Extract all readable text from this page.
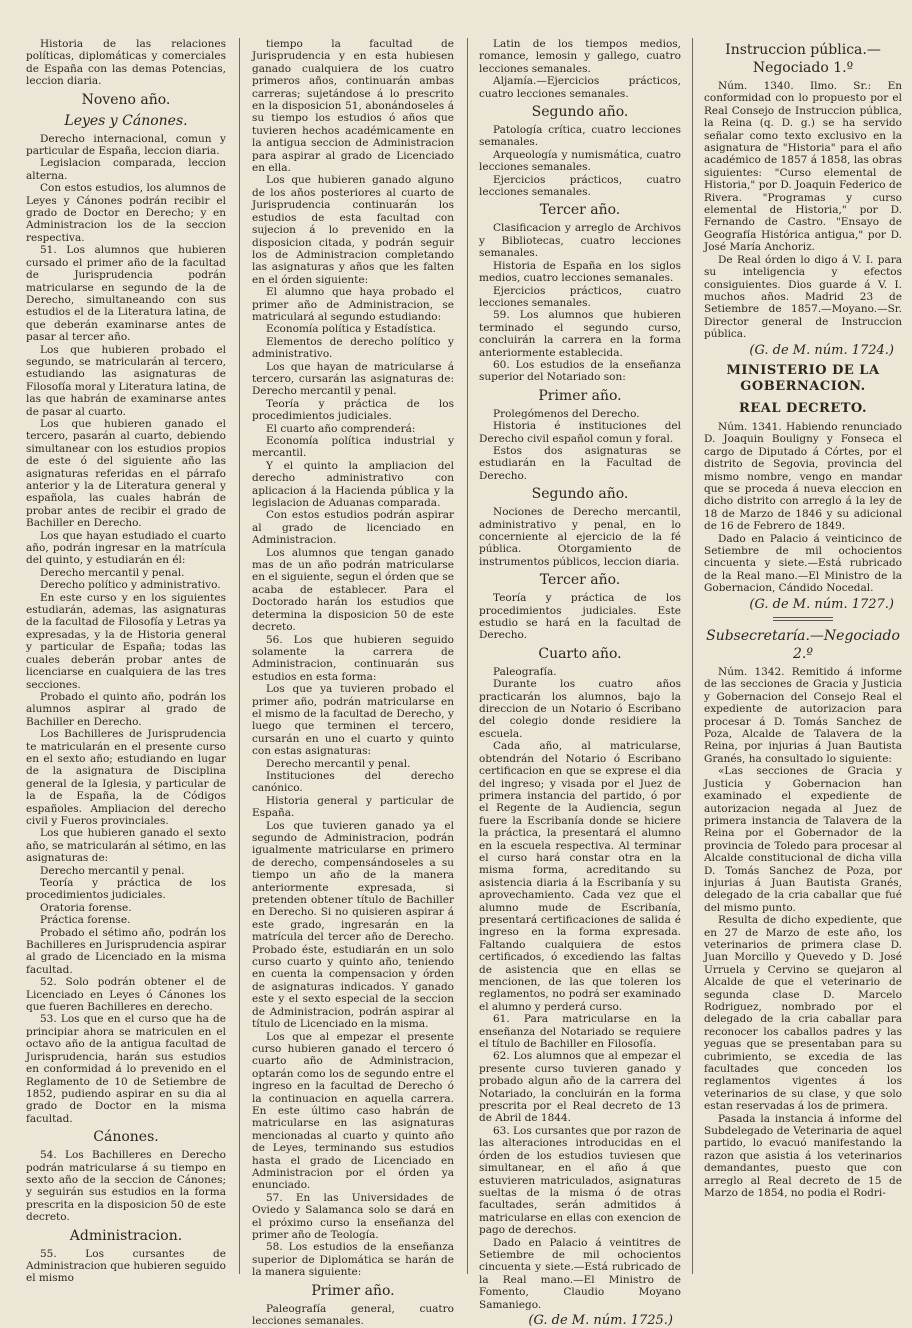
Historia de las relaciones políticas, diplomáticas y comerciales de España con las demas Potencias, leccion diaria.

Noveno año.
Leyes y Cánones.

Derecho internacional, comun y particular de España, leccion diaria.

Legislacion comparada, leccion alterna.

Con estos estudios, los alumnos de Leyes y Cánones podrán recibir el grado de Doctor en Derecho; y en Administracion los de la seccion respectiva.

51. Los alumnos que hubieren cursado el primer año de la facultad de Jurisprudencia podrán matricularse en segundo de la de Derecho, simultaneando con sus estudios el de la Literatura latina, de que deberán examinarse antes de pasar al tercer año.

Los que hubieren probado el segundo, se matricularán al tercero, estudiando las asignaturas de Filosofía moral y Literatura latina, de las que habrán de examinarse antes de pasar al cuarto.

Los que hubieren ganado el tercero, pasarán al cuarto, debiendo simultanear con los estudios propios de este ó del siguiente año las asignaturas referidas en el párrafo anterior y la de Literatura general y española, las cuales habrán de probar antes de recibir el grado de Bachiller en Derecho.

Los que hayan estudiado el cuarto año, podrán ingresar en la matrícula del quinto, y estudiarán en él:

Derecho mercantil y penal.

Derecho político y administrativo.

En este curso y en los siguientes estudiarán, ademas, las asignaturas de la facultad de Filosofía y Letras ya expresadas, y la de Historia general y particular de España; todas las cuales deberán probar antes de licenciarse en cualquiera de las tres secciones.

Probado el quinto año, podrán los alumnos aspirar al grado de Bachiller en Derecho.

Los Bachilleres de Jurisprudencia te matricularán en el presente curso en el sexto año; estudiando en lugar de la asignatura de Disciplina general de la Iglesia, y particular de la de España, la de Códigos españoles. Ampliacion del derecho civil y Fueros provinciales.

Los que hubieren ganado el sexto año, se matricularán al sétimo, en las asignaturas de:

Derecho mercantil y penal.

Teoría y práctica de los procedimientos judiciales.

Oratoria forense.

Práctica forense.

Probado el sétimo año, podrán los Bachilleres en Jurisprudencia aspirar al grado de Licenciado en la misma facultad.

52. Solo podrán obtener el de Licenciado en Leyes ó Cánones los que fueren Bachilleres en derecho.

53. Los que en el curso que ha de principiar ahora se matriculen en el octavo año de la antigua facultad de Jurisprudencia, harán sus estudios en conformidad á lo prevenido en el Reglamento de 10 de Setiembre de 1852, pudiendo aspirar en su dia al grado de Doctor en la misma facultad.

Cánones.

54. Los Bachilleres en Derecho podrán matricularse á su tiempo en sexto año de la seccion de Cánones; y seguirán sus estudios en la forma prescrita en la disposicion 50 de este decreto.

Administracion.

55. Los cursantes de Administracion que hubieren seguido el mismo

tiempo la facultad de Jurisprudencia y en esta hubiesen ganado cualquiera de los cuatro primeros años, continuarán ambas carreras; sujetándose á lo prescrito en la disposicion 51, abonándoseles á su tiempo los estudios ó años que tuvieren hechos académicamente en la antigua seccion de Administracion para aspirar al grado de Licenciado en ella.

Los que hubieren ganado alguno de los años posteriores al cuarto de Jurisprudencia continuarán los estudios de esta facultad con sujecion á lo prevenido en la disposicion citada, y podrán seguir los de Administracion completando las asignaturas y años que les falten en el órden siguiente:

El alumno que haya probado el primer año de Administracion, se matriculará al segundo estudiando:

Economía política y Estadística.

Elementos de derecho político y administrativo.

Los que hayan de matricularse á tercero, cursarán las asignaturas de: Derecho mercantil y penal.

Teoría y práctica de los procedimientos judiciales.

El cuarto año comprenderá:

Economía política industrial y mercantil.

Y el quinto la ampliacion del derecho administrativo con aplicacion á la Hacienda pública y la legislacion de Aduanas comparada.

Con estos estudios podrán aspirar al grado de licenciado en Administracion.

Los alumnos que tengan ganado mas de un año podrán matricularse en el siguiente, segun el órden que se acaba de establecer. Para el Doctorado harán los estudios que determina la disposicion 50 de este decreto.

56. Los que hubieren seguido solamente la carrera de Administracion, continuarán sus estudios en esta forma:

Los que ya tuvieren probado el primer año, podrán matricularse en el mismo de la facultad de Derecho, y luego que terminen el tercero, cursarán en uno el cuarto y quinto con estas asignaturas:

Derecho mercantil y penal.

Instituciones del derecho canónico.

Historia general y particular de España.

Los que tuvieren ganado ya el segundo de Administracion, podrán igualmente matricularse en primero de derecho, compensándoseles a su tiempo un año de la manera anteriormente expresada, si pretenden obtener título de Bachiller en Derecho. Si no quisieren aspirar á este grado, ingresarán en la matrícula del tercer año de Derecho. Probado éste, estudiarán en un solo curso cuarto y quinto año, teniendo en cuenta la compensacion y órden de asignaturas indicados. Y ganado este y el sexto especial de la seccion de Administracion, podrán aspirar al título de Licenciado en la misma.

Los que al empezar el presente curso hubieren ganado el tercero ó cuarto año de Administracion, optarán como los de segundo entre el ingreso en la facultad de Derecho ó la continuacion en aquella carrera. En este último caso habrán de matricularse en las asignaturas mencionadas al cuarto y quinto año de Leyes, terminando sus estudios hasta el grado de Licenciado en Administracion por el órden ya enunciado.

57. En las Universidades de Oviedo y Salamanca solo se dará en el próximo curso la enseñanza del primer año de Teología.

58. Los estudios de la enseñanza superior de Diplomática se harán de la manera siguiente:

Primer año.

Paleografía general, cuatro lecciones semanales.

Latin de los tiempos medios, romance, lemosin y gallego, cuatro lecciones semanales.

Aljamía.—Ejercicios prácticos, cuatro lecciones semanales.

Segundo año.

Patología crítica, cuatro lecciones semanales.

Arqueología y numismática, cuatro lecciones semanales.

Ejercicios prácticos, cuatro lecciones semanales.

Tercer año.

Clasificacion y arreglo de Archivos y Bibliotecas, cuatro lecciones semanales.

Historia de España en los siglos medios, cuatro lecciones semanales.

Ejercicios prácticos, cuatro lecciones semanales.

59. Los alumnos que hubieren terminado el segundo curso, concluirán la carrera en la forma anteriormente establecida.

60. Los estudios de la enseñanza superior del Notariado son:

Primer año.

Prolegómenos del Derecho.

Historia é instituciones del Derecho civil español comun y foral.

Estos dos asignaturas se estudiarán en la Facultad de Derecho.

Segundo año.

Nociones de Derecho mercantil, administrativo y penal, en lo concerniente al ejercicio de la fé pública. Otorgamiento de instrumentos públicos, leccion diaria.

Tercer año.

Teoría y práctica de los procedimientos judiciales. Este estudio se hará en la facultad de Derecho.

Cuarto año.

Paleografía.

Durante los cuatro años practicarán los alumnos, bajo la direccion de un Notario ó Escribano del colegio donde residiere la escuela.

Cada año, al matricularse, obtendrán del Notario ó Escribano certificacion en que se exprese el dia del ingreso; y visada por el Juez de primera instancia del partido, ó por el Regente de la Audiencia, segun fuere la Escribanía donde se hiciere la práctica, la presentará el alumno en la escuela respectiva. Al terminar el curso hará constar otra en la misma forma, acreditando su asistencia diaria á la Escribanía y su aprovechamiento. Cada vez que el alumno mude de Escribanía, presentará certificaciones de salida é ingreso en la forma expresada. Faltando cualquiera de estos certificados, ó excediendo las faltas de asistencia que en ellas se mencionen, de las que toleren los reglamentos, no podrá ser examinado el alumno y perderá curso.

61. Para matricularse en la enseñanza del Notariado se requiere el título de Bachiller en Filosofía.

62. Los alumnos que al empezar el presente curso tuvieren ganado y probado algun año de la carrera del Notariado, la concluirán en la forma prescrita por el Real decreto de 13 de Abril de 1844.

63. Los cursantes que por razon de las alteraciones introducidas en el órden de los estudios tuviesen que simultanear, en el año á que estuvieren matriculados, asignaturas sueltas de la misma ó de otras facultades, serán admitidos á matricularse en ellas con exencion de pago de derechos.

Dado en Palacio á veintitres de Setiembre de mil ochocientos cincuenta y siete.—Está rubricado de la Real mano.—El Ministro de Fomento, Claudio Moyano Samaniego.

(G. de M. núm. 1725.)
Instruccion pública.—Negociado 1.º

Núm. 1340. Ilmo. Sr.: En conformidad con lo propuesto por el Real Consejo de Instruccion pública, la Reina (q. D. g.) se ha servido señalar como texto exclusivo en la asignatura de "Historia" para el año académico de 1857 á 1858, las obras siguientes: "Curso elemental de Historia," por D. Joaquin Federico de Rivera. "Programas y curso elemental de Historia," por D. Fernando de Castro. "Ensayo de Geografía Histórica antigua," por D. José María Anchoriz.

De Real órden lo digo á V. I. para su inteligencia y efectos consiguientes. Dios guarde á V. I. muchos años. Madrid 23 de Setiembre de 1857.—Moyano.—Sr. Director general de Instruccion pública.

(G. de M. núm. 1724.)
MINISTERIO DE LA GOBERNACION.
REAL DECRETO.

Núm. 1341. Habiendo renunciado D. Joaquin Bouligny y Fonseca el cargo de Diputado á Córtes, por el distrito de Segovia, provincia del mismo nombre, vengo en mandar que se proceda á nueva eleccion en dicho distrito con arreglo á la ley de 18 de Marzo de 1846 y su adicional de 16 de Febrero de 1849.

Dado en Palacio á veinticinco de Setiembre de mil ochocientos cincuenta y siete.—Está rubricado de la Real mano.—El Ministro de la Gobernacion, Cándido Nocedal.

(G. de M. núm. 1727.)
Subsecretaría.—Negociado 2.º

Núm. 1342. Remitido á informe de las secciones de Gracia y Justicia y Gobernacion del Consejo Real el expediente de autorizacion para procesar á D. Tomás Sanchez de Poza, Alcalde de Talavera de la Reina, por injurias á Juan Bautista Granés, ha consultado lo siguiente:

«Las secciones de Gracia y Justicia y Gobernacion han examinado el expediente de autorizacion negada al Juez de primera instancia de Talavera de la Reina por el Gobernador de la provincia de Toledo para procesar al Alcalde constitucional de dicha villa D. Tomás Sanchez de Poza, por injurias á Juan Bautista Granés, delegado de la cria caballar que fué del mismo punto.

Resulta de dicho expediente, que en 27 de Marzo de este año, los veterinarios de primera clase D. Juan Morcillo y Quevedo y D. José Urruela y Cervino se quejaron al Alcalde de que el veterinario de segunda clase D. Marcelo Rodriguez, nombrado por el delegado de la cria caballar para reconocer los caballos padres y las yeguas que se presentaban para su cubrimiento, se excedia de las facultades que conceden los reglamentos vigentes á los veterinarios de su clase, y que solo estan reservadas á los de primera.

Pasada la instancia á informe del Subdelegado de Veterinaria de aquel partido, lo evacuó manifestando la razon que asistia á los veterinarios demandantes, puesto que con arreglo al Real decreto de 15 de Marzo de 1854, no podia el Rodri-
